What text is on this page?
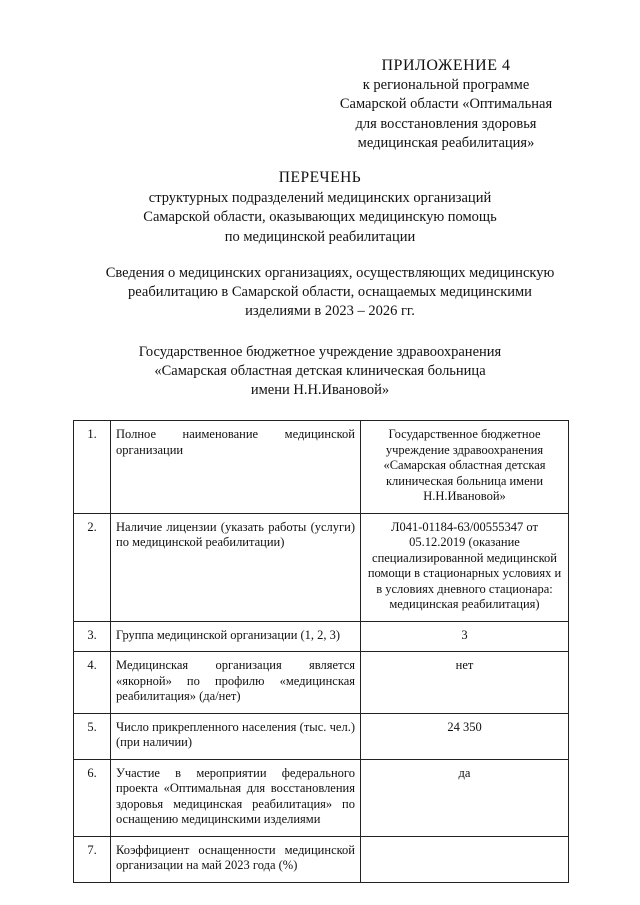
ПРИЛОЖЕНИЕ 4
к региональной программе
Самарской области «Оптимальная
для восстановления здоровья
медицинская реабилитация»
ПЕРЕЧЕНЬ
структурных подразделений медицинских организаций
Самарской области, оказывающих медицинскую помощь
по медицинской реабилитации
Сведения о медицинских организациях, осуществляющих медицинскую
реабилитацию в Самарской области, оснащаемых медицинскими
изделиями в 2023 – 2026 гг.
Государственное бюджетное учреждение здравоохранения
«Самарская областная детская клиническая больница
имени Н.Н.Ивановой»
1.	Полное наименование медицинской организации	Государственное бюджетное учреждение здравоохранения «Самарская областная детская клиническая больница имени Н.Н.Ивановой»
2.	Наличие лицензии (указать работы (услуги) по медицинской реабилитации)	Л041-01184-63/00555347 от 05.12.2019 (оказание специализированной медицинской помощи в стационарных условиях и в условиях дневного стационара: медицинская реабилитация)
3.	Группа медицинской организации (1, 2, 3)	3
4.	Медицинская организация является «якорной» по профилю «медицинская реабилитация» (да/нет)	нет
5.	Число прикрепленного населения (тыс. чел.) (при наличии)	24 350
6.	Участие в мероприятии федерального проекта «Оптимальная для восстановления здоровья медицинская реабилитация» по оснащению медицинскими изделиями	да
7.	Коэффициент оснащенности медицинской организации на май 2023 года (%)	
